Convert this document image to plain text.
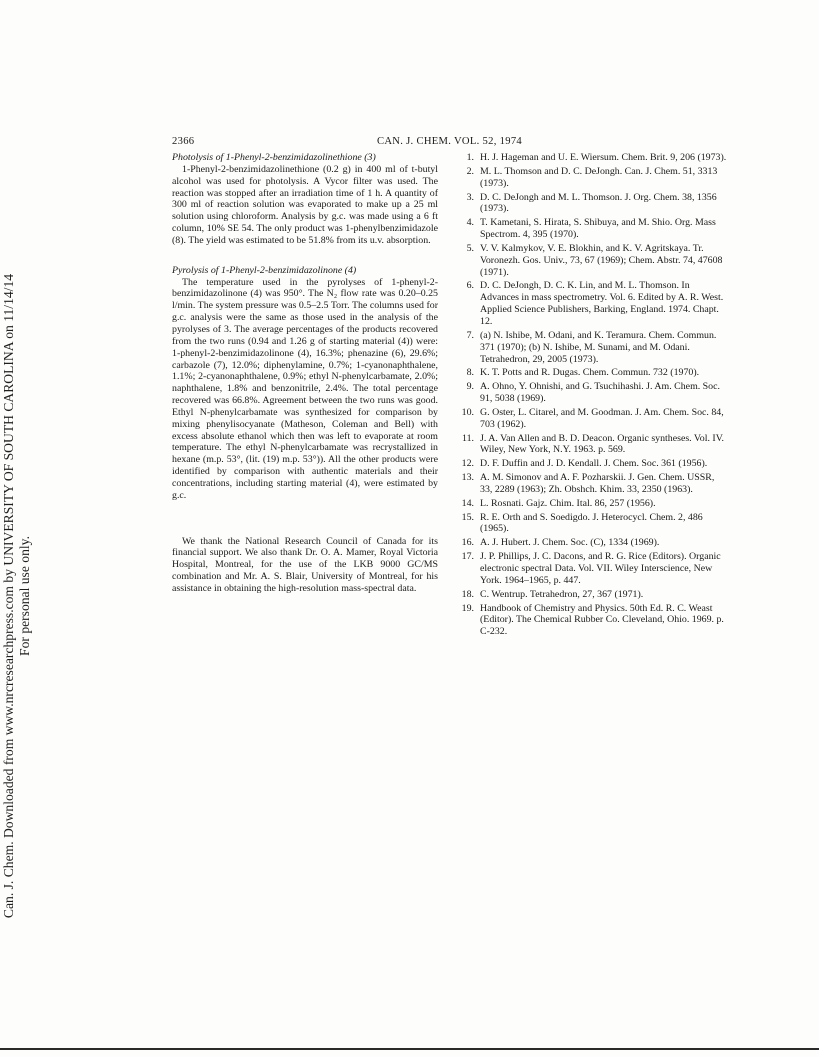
Can. J. Chem. Downloaded from www.nrcresearchpress.com by UNIVERSITY OF SOUTH CAROLINA on 11/14/14 For personal use only.
2366	CAN. J. CHEM. VOL. 52, 1974
Photolysis of 1-Phenyl-2-benzimidazolinethione (3)

1-Phenyl-2-benzimidazolinethione (0.2 g) in 400 ml of t-butyl alcohol was used for photolysis. A Vycor filter was used. The reaction was stopped after an irradiation time of 1 h. A quantity of 300 ml of reaction solution was evaporated to make up a 25 ml solution using chloroform. Analysis by g.c. was made using a 6 ft column, 10% SE 54. The only product was 1-phenylbenzimidazole (8). The yield was estimated to be 51.8% from its u.v. absorption.

Pyrolysis of 1-Phenyl-2-benzimidazolinone (4)

The temperature used in the pyrolyses of 1-phenyl-2-benzimidazolinone (4) was 950°. The N₂ flow rate was 0.20–0.25 l/min. The system pressure was 0.5–2.5 Torr. The columns used for g.c. analysis were the same as those used in the analysis of the pyrolyses of 3. The average percentages of the products recovered from the two runs (0.94 and 1.26 g of starting material (4)) were: 1-phenyl-2-benzimidazolinone (4), 16.3%; phenazine (6), 29.6%; carbazole (7), 12.0%; diphenylamine, 0.7%; 1-cyanonaphthalene, 1.1%; 2-cyanonaphthalene, 0.9%; ethyl N-phenylcarbamate, 2.0%; naphthalene, 1.8% and benzonitrile, 2.4%. The total percentage recovered was 66.8%. Agreement between the two runs was good. Ethyl N-phenylcarbamate was synthesized for comparison by mixing phenylisocyanate (Matheson, Coleman and Bell) with excess absolute ethanol which then was left to evaporate at room temperature. The ethyl N-phenylcarbamate was recrystallized in hexane (m.p. 53°, (lit. (19) m.p. 53°)). All the other products were identified by comparison with authentic materials and their concentrations, including starting material (4), were estimated by g.c.

We thank the National Research Council of Canada for its financial support. We also thank Dr. O. A. Mamer, Royal Victoria Hospital, Montreal, for the use of the LKB 9000 GC/MS combination and Mr. A. S. Blair, University of Montreal, for his assistance in obtaining the high-resolution mass-spectral data.

1. H. J. Hageman and U. E. Wiersum. Chem. Brit. 9, 206 (1973).
2. M. L. Thomson and D. C. DeJongh. Can. J. Chem. 51, 3313 (1973).
3. D. C. DeJongh and M. L. Thomson. J. Org. Chem. 38, 1356 (1973).
4. T. Kametani, S. Hirata, S. Shibuya, and M. Shio. Org. Mass Spectrom. 4, 395 (1970).
5. V. V. Kalmykov, V. E. Blokhin, and K. V. Agritskaya. Tr. Voronezh. Gos. Univ., 73, 67 (1969); Chem. Abstr. 74, 47608 (1971).
6. D. C. DeJongh, D. C. K. Lin, and M. L. Thomson. In Advances in mass spectrometry. Vol. 6. Edited by A. R. West. Applied Science Publishers, Barking, England. 1974. Chapt. 12.
7. (a) N. Ishibe, M. Odani, and K. Teramura. Chem. Commun. 371 (1970); (b) N. Ishibe, M. Sunami, and M. Odani. Tetrahedron, 29, 2005 (1973).
8. K. T. Potts and R. Dugas. Chem. Commun. 732 (1970).
9. A. Ohno, Y. Ohnishi, and G. Tsuchihashi. J. Am. Chem. Soc. 91, 5038 (1969).
10. G. Oster, L. Citarel, and M. Goodman. J. Am. Chem. Soc. 84, 703 (1962).
11. J. A. Van Allen and B. D. Deacon. Organic syntheses. Vol. IV. Wiley, New York, N.Y. 1963. p. 569.
12. D. F. Duffin and J. D. Kendall. J. Chem. Soc. 361 (1956).
13. A. M. Simonov and A. F. Pozharskii. J. Gen. Chem. USSR, 33, 2289 (1963); Zh. Obshch. Khim. 33, 2350 (1963).
14. L. Rosnati. Gajz. Chim. Ital. 86, 257 (1956).
15. R. E. Orth and S. Soedigdo. J. Heterocycl. Chem. 2, 486 (1965).
16. A. J. Hubert. J. Chem. Soc. (C), 1334 (1969).
17. J. P. Phillips, J. C. Dacons, and R. G. Rice (Editors). Organic electronic spectral Data. Vol. VII. Wiley Interscience, New York. 1964–1965, p. 447.
18. C. Wentrup. Tetrahedron, 27, 367 (1971).
19. Handbook of Chemistry and Physics. 50th Ed. R. C. Weast (Editor). The Chemical Rubber Co. Cleveland, Ohio. 1969. p. C-232.
